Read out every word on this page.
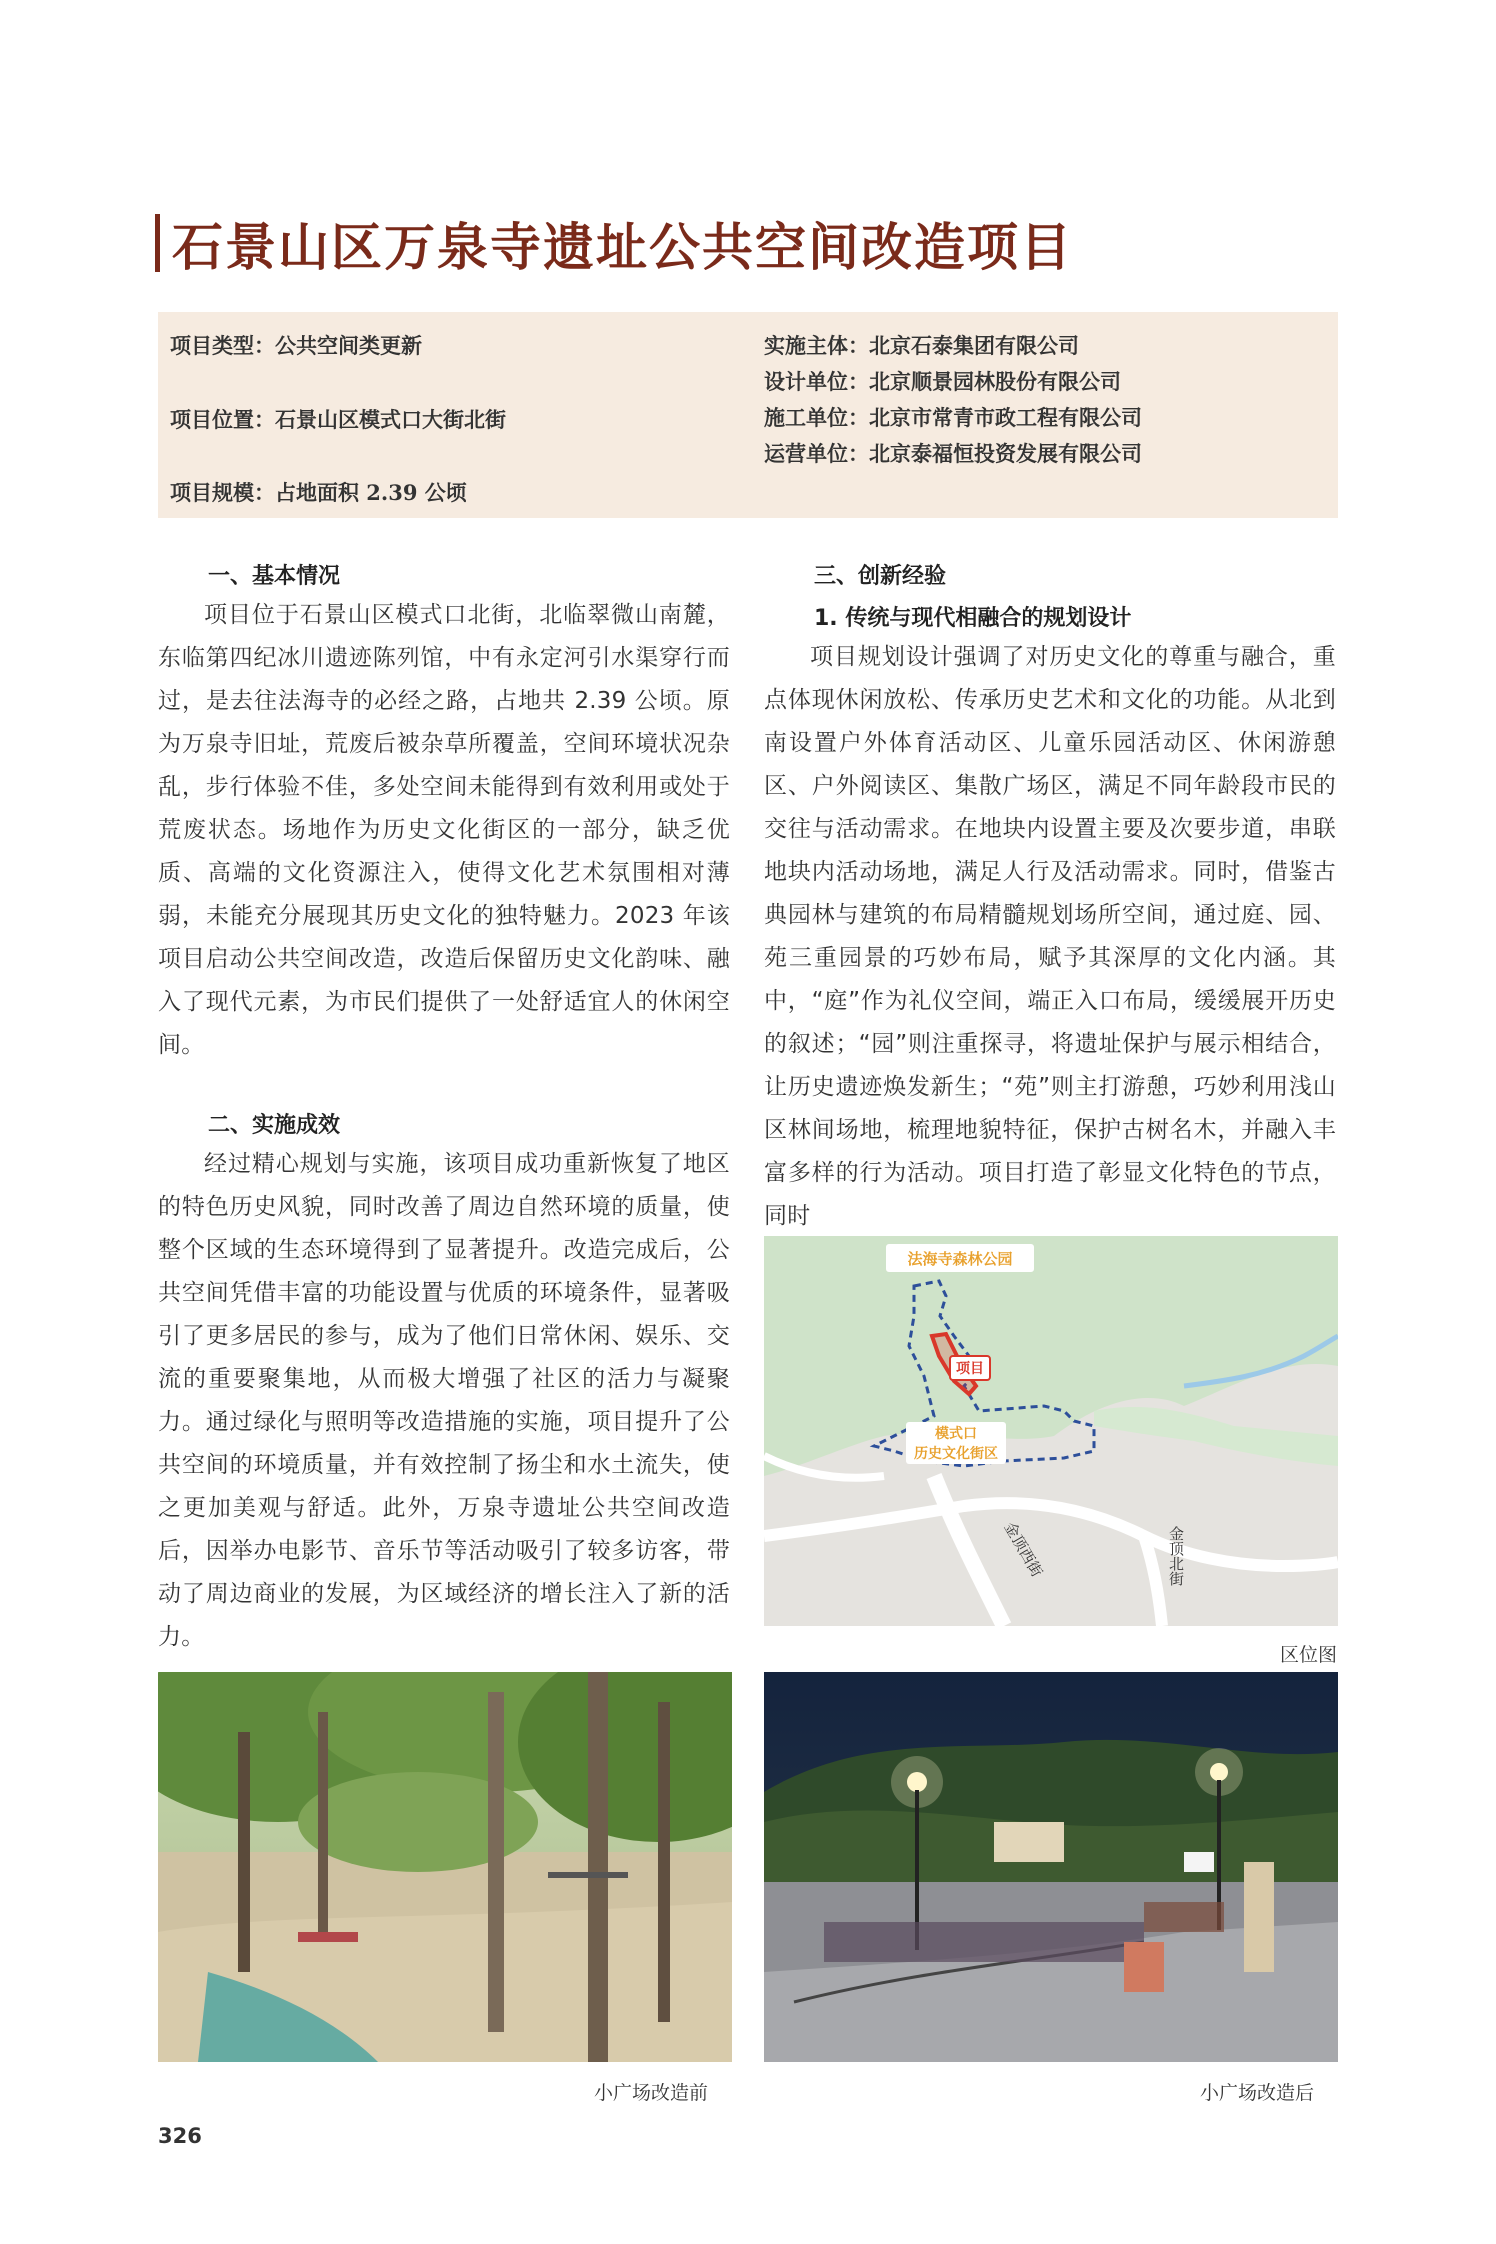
石景山区万泉寺遗址公共空间改造项目
项目类型：公共空间类更新
项目位置：石景山区模式口大街北街
项目规模：占地面积 2.39 公顷
实施主体：北京石泰集团有限公司
设计单位：北京顺景园林股份有限公司
施工单位：北京市常青市政工程有限公司
运营单位：北京泰福恒投资发展有限公司
一、基本情况

项目位于石景山区模式口北街，北临翠微山南麓，东临第四纪冰川遗迹陈列馆，中有永定河引水渠穿行而过，是去往法海寺的必经之路，占地共 2.39 公顷。原为万泉寺旧址，荒废后被杂草所覆盖，空间环境状况杂乱，步行体验不佳，多处空间未能得到有效利用或处于荒废状态。场地作为历史文化街区的一部分，缺乏优质、高端的文化资源注入，使得文化艺术氛围相对薄弱，未能充分展现其历史文化的独特魅力。2023 年该项目启动公共空间改造，改造后保留历史文化韵味、融入了现代元素，为市民们提供了一处舒适宜人的休闲空间。

二、实施成效

经过精心规划与实施，该项目成功重新恢复了地区的特色历史风貌，同时改善了周边自然环境的质量，使整个区域的生态环境得到了显著提升。改造完成后，公共空间凭借丰富的功能设置与优质的环境条件，显著吸引了更多居民的参与，成为了他们日常休闲、娱乐、交流的重要聚集地，从而极大增强了社区的活力与凝聚力。通过绿化与照明等改造措施的实施，项目提升了公共空间的环境质量，并有效控制了扬尘和水土流失，使之更加美观与舒适。此外，万泉寺遗址公共空间改造后，因举办电影节、音乐节等活动吸引了较多访客，带动了周边商业的发展，为区域经济的增长注入了新的活力。

三、创新经验
1. 传统与现代相融合的规划设计

项目规划设计强调了对历史文化的尊重与融合，重点体现休闲放松、传承历史艺术和文化的功能。从北到南设置户外体育活动区、儿童乐园活动区、休闲游憩区、户外阅读区、集散广场区，满足不同年龄段市民的交往与活动需求。在地块内设置主要及次要步道，串联地块内活动场地，满足人行及活动需求。同时，借鉴古典园林与建筑的布局精髓规划场所空间，通过庭、园、苑三重园景的巧妙布局，赋予其深厚的文化内涵。其中，“庭”作为礼仪空间，端正入口布局，缓缓展开历史的叙述；“园”则注重探寻，将遗址保护与展示相结合，让历史遗迹焕发新生；“苑”则主打游憩，巧妙利用浅山区林间场地，梳理地貌特征，保护古树名木，并融入丰富多样的行为活动。项目打造了彰显文化特色的节点，同时

项目
法海寺森林公园
模式口
历史文化街区
金顶西街	金顶北街
区位图
小广场改造前	小广场改造后
326
